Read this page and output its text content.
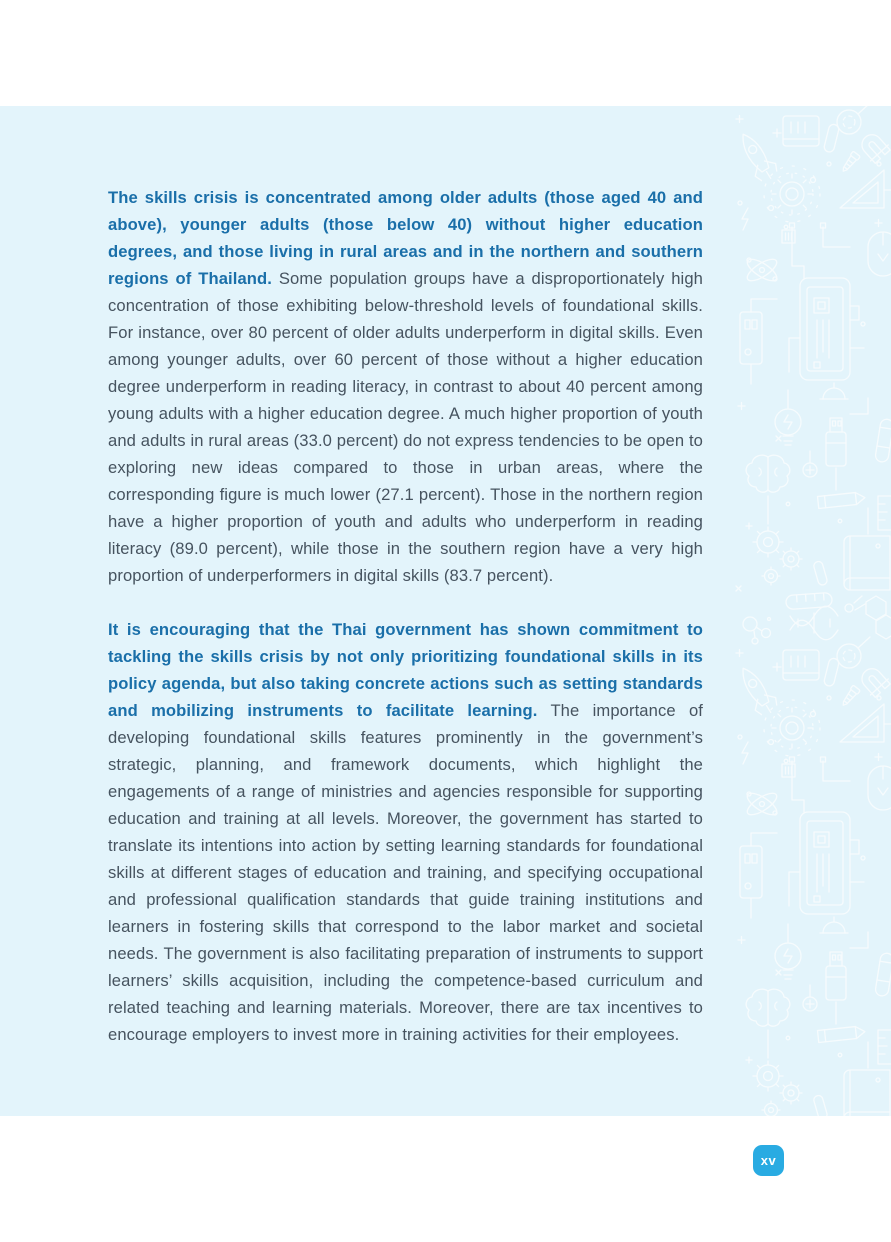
The skills crisis is concentrated among older adults (those aged 40 and above), younger adults (those below 40) without higher education degrees, and those living in rural areas and in the northern and southern regions of Thailand. Some population groups have a disproportionately high concentration of those exhibiting below-threshold levels of foundational skills. For instance, over 80 percent of older adults underperform in digital skills. Even among younger adults, over 60 percent of those without a higher education degree underperform in reading literacy, in contrast to about 40 percent among young adults with a higher education degree. A much higher proportion of youth and adults in rural areas (33.0 percent) do not express tendencies to be open to exploring new ideas compared to those in urban areas, where the corresponding figure is much lower (27.1 percent). Those in the northern region have a higher proportion of youth and adults who underperform in reading literacy (89.0 percent), while those in the southern region have a very high proportion of underperformers in digital skills (83.7 percent).

It is encouraging that the Thai government has shown commitment to tackling the skills crisis by not only prioritizing foundational skills in its policy agenda, but also taking concrete actions such as setting standards and mobilizing instruments to facilitate learning. The importance of developing foundational skills features prominently in the government’s strategic, planning, and framework documents, which highlight the engagements of a range of ministries and agencies responsible for supporting education and training at all levels. Moreover, the government has started to translate its intentions into action by setting learning standards for foundational skills at different stages of education and training, and specifying occupational and professional qualification standards that guide training institutions and learners in fostering skills that correspond to the labor market and societal needs. The government is also facilitating preparation of instruments to support learners’ skills acquisition, including the competence-based curriculum and related teaching and learning materials. Moreover, there are tax incentives to encourage employers to invest more in training activities for their employees.

xv
